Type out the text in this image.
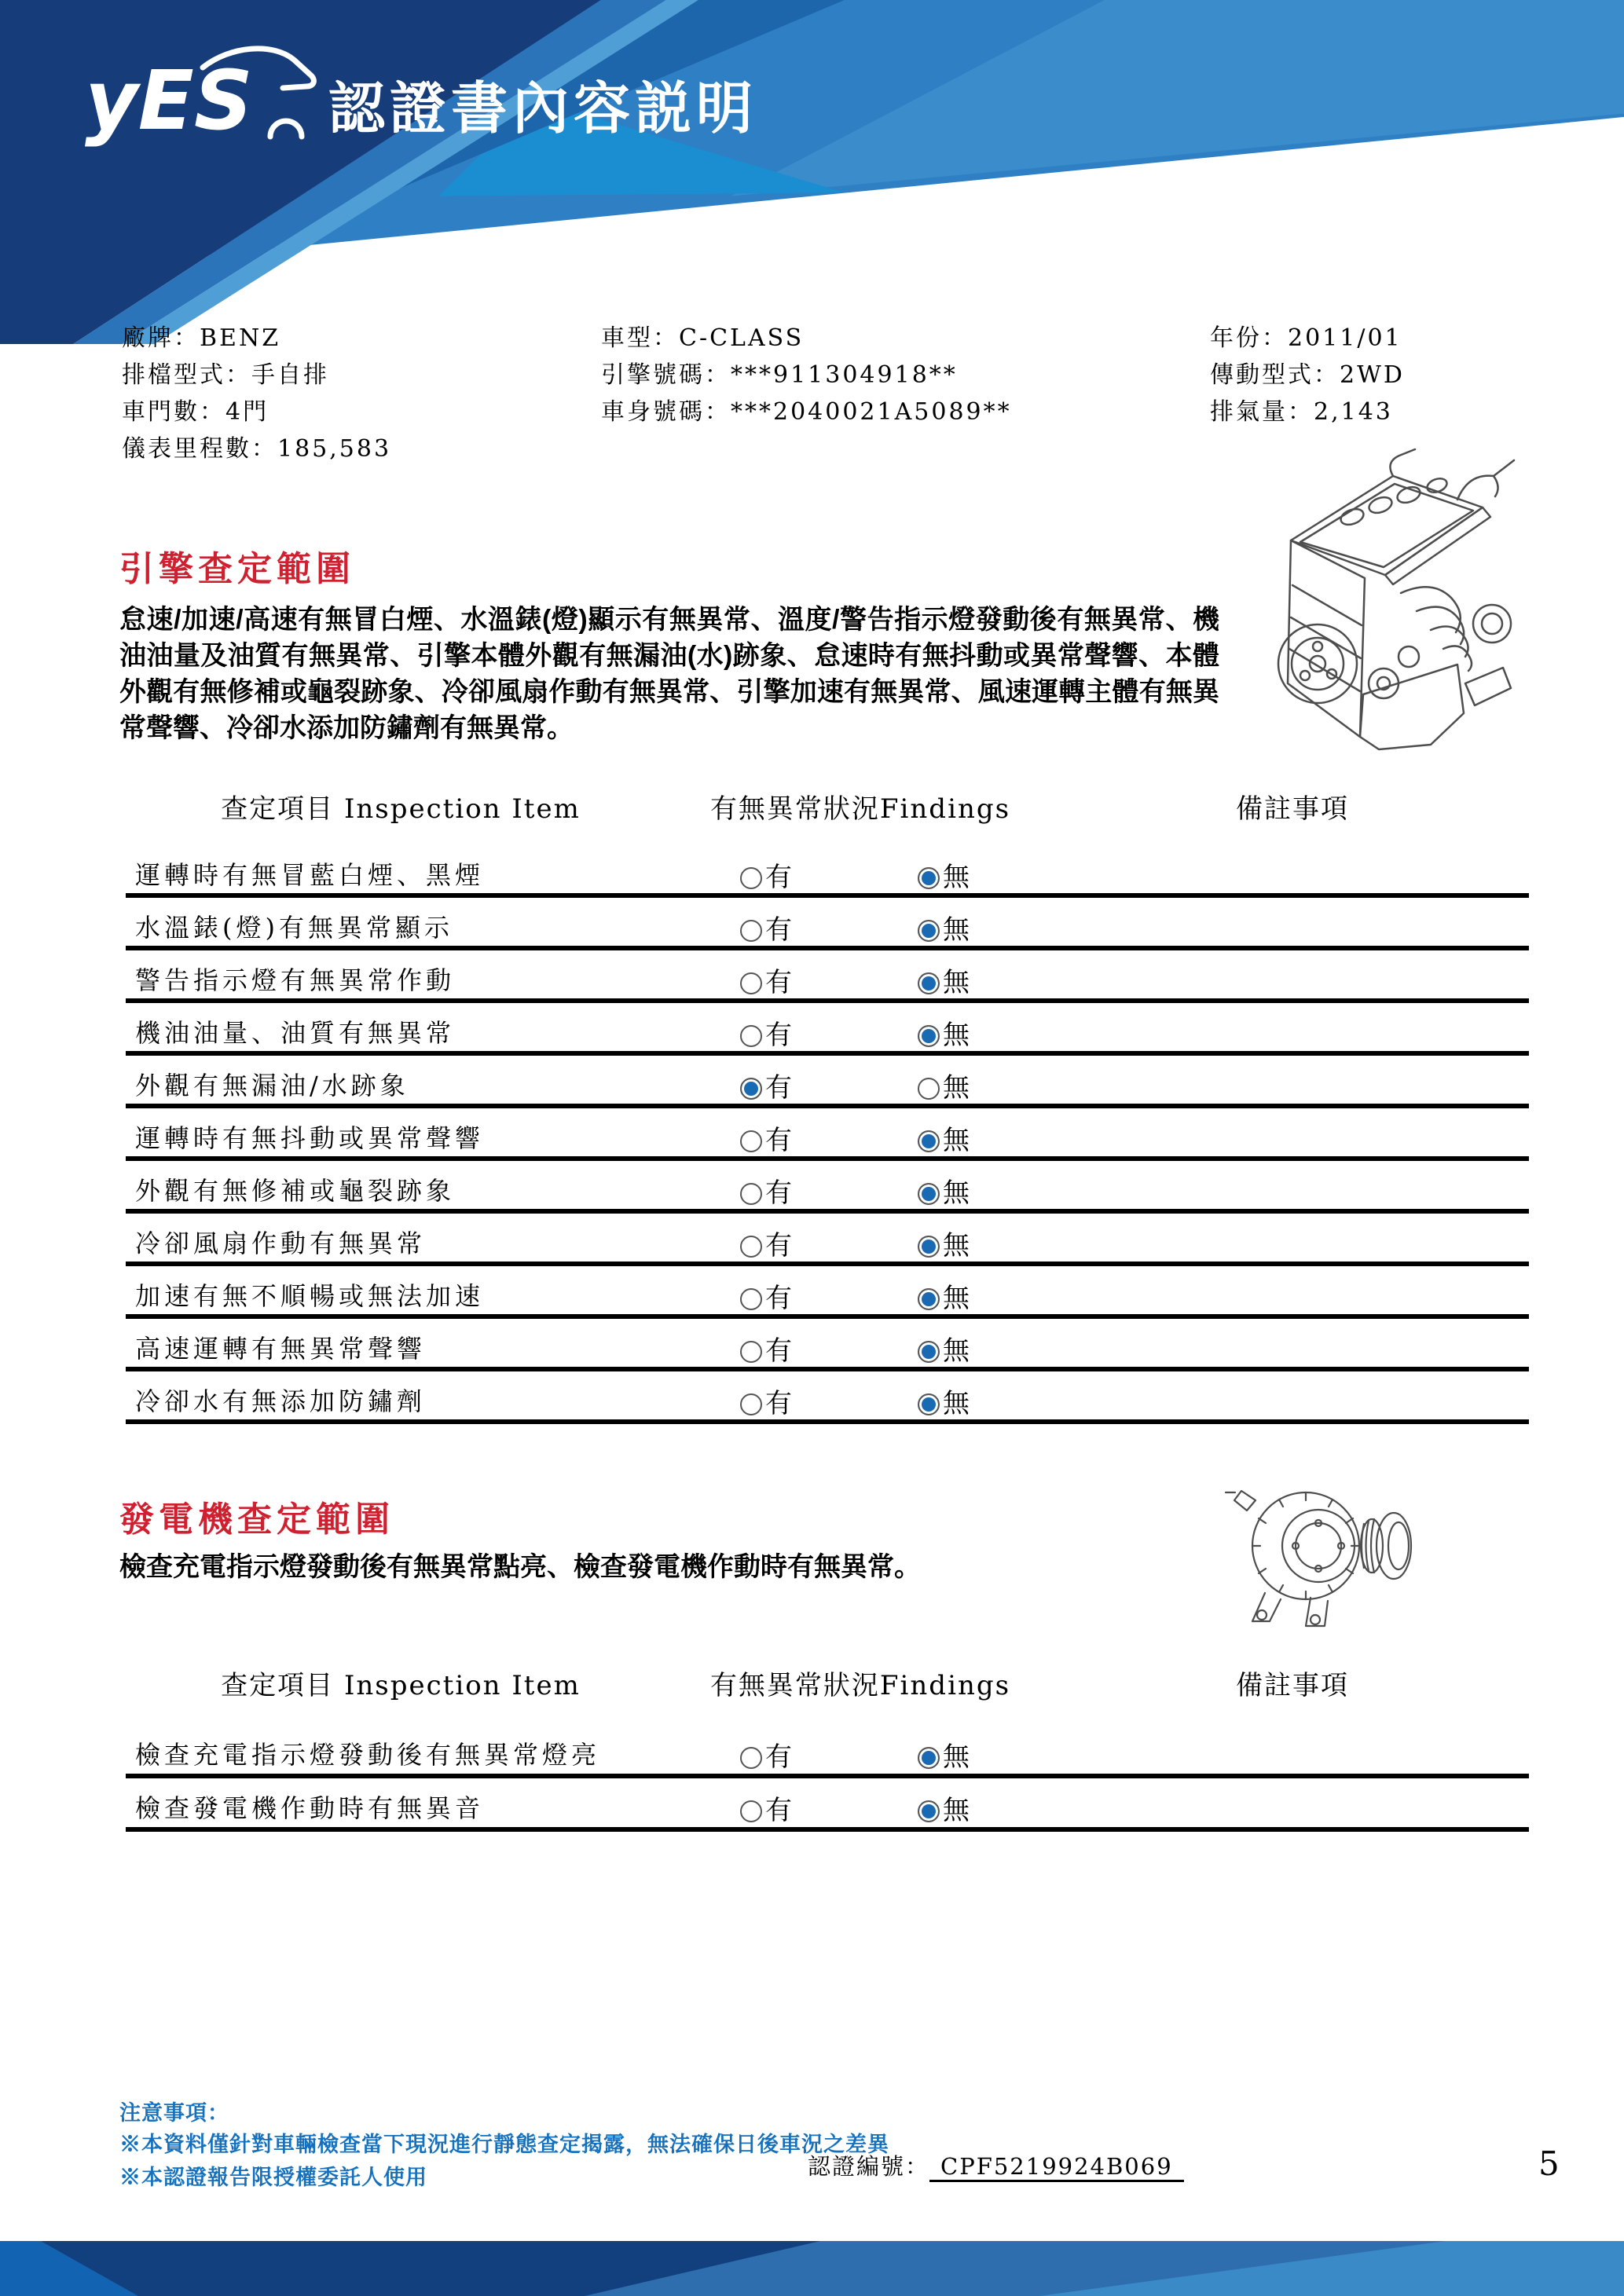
yES 認證書內容説明
廠牌：BENZ
排檔型式：手自排
車門數：4門
儀表里程數：185,583
車型：C-CLASS
引擎號碼：***911304918**
車身號碼：***2040021A5089**
年份：2011/01
傳動型式：2WD
排氣量：2,143
引擎查定範圍
怠速/加速/高速有無冒白煙、水溫錶(燈)顯示有無異常、溫度/警告指示燈發動後有無異常、機油油量及油質有無異常、引擎本體外觀有無漏油(水)跡象、怠速時有無抖動或異常聲響、本體外觀有無修補或龜裂跡象、冷卻風扇作動有無異常、引擎加速有無異常、風速運轉主體有無異常聲響、冷卻水添加防鏽劑有無異常。
查定項目 Inspection Item	有無異常狀況Findings	備註事項
運轉時有無冒藍白煙、黑煙	有	無
水溫錶(燈)有無異常顯示	有	無
警告指示燈有無異常作動	有	無
機油油量、油質有無異常	有	無
外觀有無漏油/水跡象	有	無
運轉時有無抖動或異常聲響	有	無
外觀有無修補或龜裂跡象	有	無
冷卻風扇作動有無異常	有	無
加速有無不順暢或無法加速	有	無
高速運轉有無異常聲響	有	無
冷卻水有無添加防鏽劑	有	無
發電機查定範圍
檢查充電指示燈發動後有無異常點亮、檢查發電機作動時有無異常。
查定項目 Inspection Item	有無異常狀況Findings	備註事項
檢查充電指示燈發動後有無異常燈亮	有	無
檢查發電機作動時有無異音	有	無
注意事項：
※本資料僅針對車輛檢查當下現況進行靜態查定揭露，無法確保日後車況之差異
※本認證報告限授權委託人使用	認證編號： CPF5219924B069	5
